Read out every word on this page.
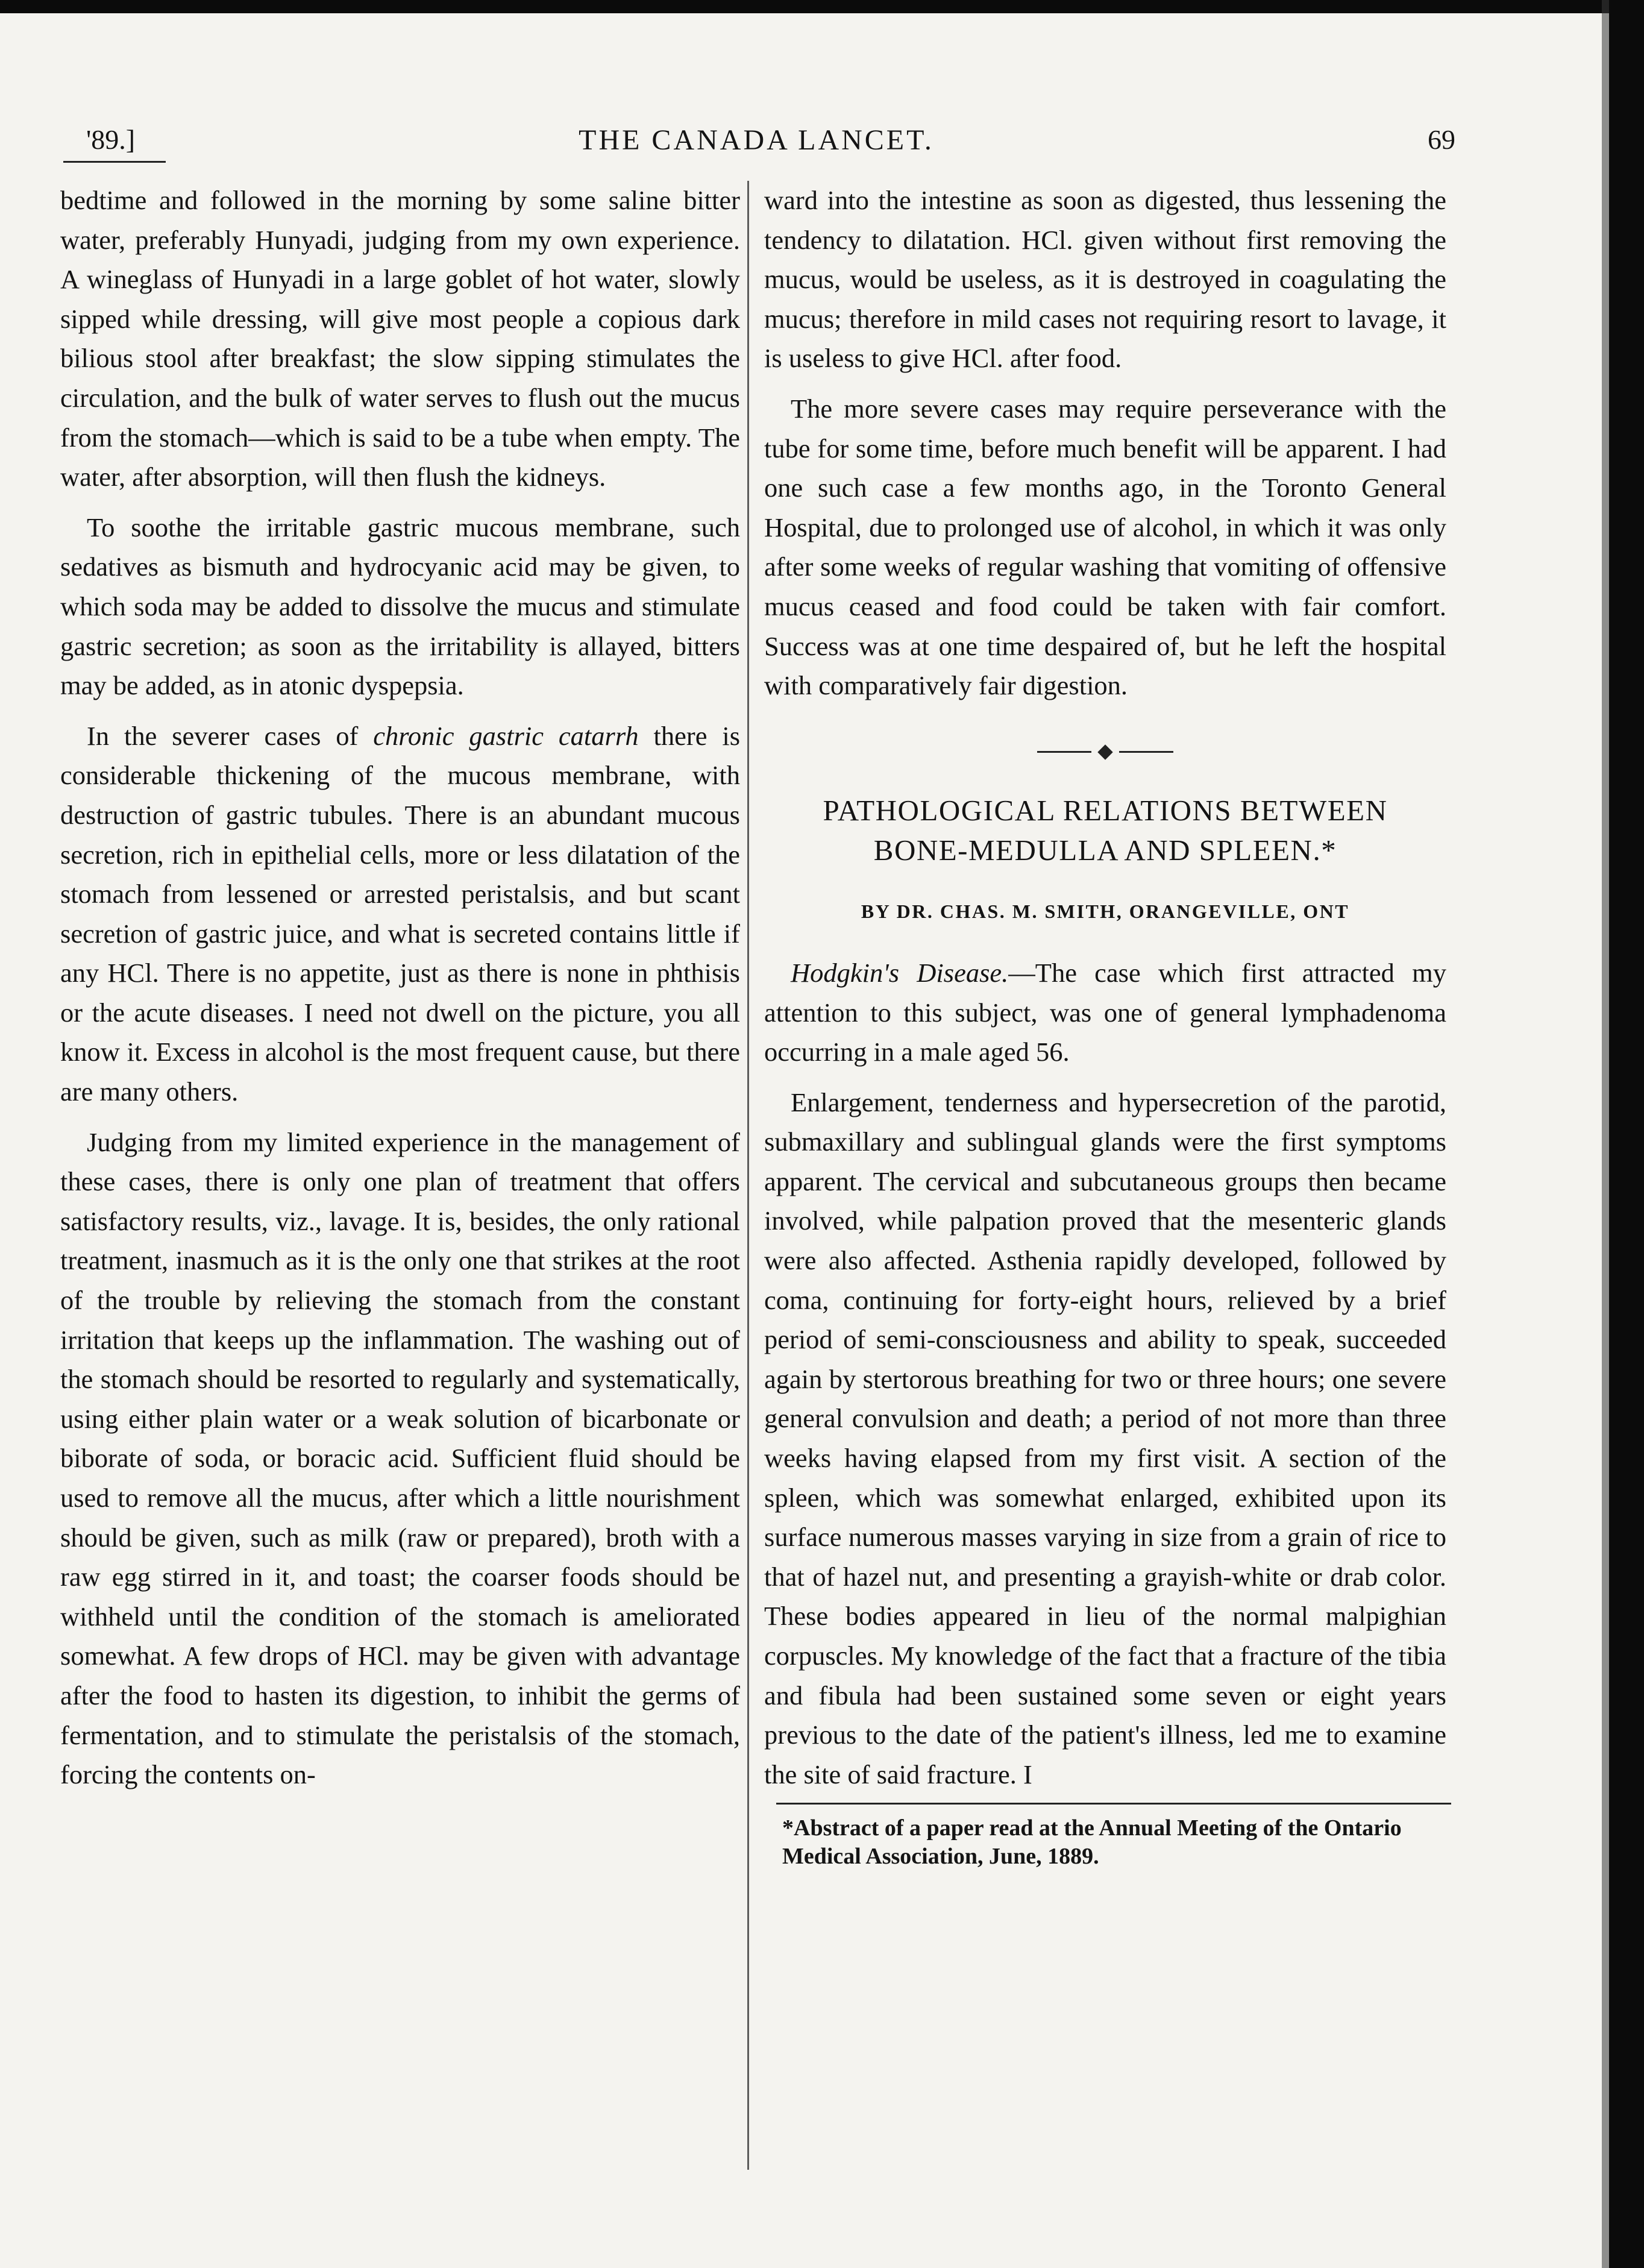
'89.]	THE CANADA LANCET.	69

bedtime and followed in the morning by some saline bitter water, preferably Hunyadi, judging from my own experience. A wineglass of Hunyadi in a large goblet of hot water, slowly sipped while dressing, will give most people a copious dark bilious stool after breakfast; the slow sipping stimulates the circulation, and the bulk of water serves to flush out the mucus from the stomach—which is said to be a tube when empty. The water, after absorption, will then flush the kidneys.

To soothe the irritable gastric mucous membrane, such sedatives as bismuth and hydrocyanic acid may be given, to which soda may be added to dissolve the mucus and stimulate gastric secretion; as soon as the irritability is allayed, bitters may be added, as in atonic dyspepsia.

In the severer cases of chronic gastric catarrh there is considerable thickening of the mucous membrane, with destruction of gastric tubules. There is an abundant mucous secretion, rich in epithelial cells, more or less dilatation of the stomach from lessened or arrested peristalsis, and but scant secretion of gastric juice, and what is secreted contains little if any HCl. There is no appetite, just as there is none in phthisis or the acute diseases. I need not dwell on the picture, you all know it. Excess in alcohol is the most frequent cause, but there are many others.

Judging from my limited experience in the management of these cases, there is only one plan of treatment that offers satisfactory results, viz., lavage. It is, besides, the only rational treatment, inasmuch as it is the only one that strikes at the root of the trouble by relieving the stomach from the constant irritation that keeps up the inflammation. The washing out of the stomach should be resorted to regularly and systematically, using either plain water or a weak solution of bicarbonate or biborate of soda, or boracic acid. Sufficient fluid should be used to remove all the mucus, after which a little nourishment should be given, such as milk (raw or prepared), broth with a raw egg stirred in it, and toast; the coarser foods should be withheld until the condition of the stomach is ameliorated somewhat. A few drops of HCl. may be given with advantage after the food to hasten its digestion, to inhibit the germs of fermentation, and to stimulate the peristalsis of the stomach, forcing the contents on-

ward into the intestine as soon as digested, thus lessening the tendency to dilatation. HCl. given without first removing the mucus, would be useless, as it is destroyed in coagulating the mucus; therefore in mild cases not requiring resort to lavage, it is useless to give HCl. after food.

The more severe cases may require perseverance with the tube for some time, before much benefit will be apparent. I had one such case a few months ago, in the Toronto General Hospital, due to prolonged use of alcohol, in which it was only after some weeks of regular washing that vomiting of offensive mucus ceased and food could be taken with fair comfort. Success was at one time despaired of, but he left the hospital with comparatively fair digestion.

PATHOLOGICAL RELATIONS BETWEEN

BONE-MEDULLA AND SPLEEN.*

BY DR. CHAS. M. SMITH, ORANGEVILLE, ONT

Hodgkin's Disease.—The case which first attracted my attention to this subject, was one of general lymphadenoma occurring in a male aged 56.

Enlargement, tenderness and hypersecretion of the parotid, submaxillary and sublingual glands were the first symptoms apparent. The cervical and subcutaneous groups then became involved, while palpation proved that the mesenteric glands were also affected. Asthenia rapidly developed, followed by coma, continuing for forty-eight hours, relieved by a brief period of semi-consciousness and ability to speak, succeeded again by stertorous breathing for two or three hours; one severe general convulsion and death; a period of not more than three weeks having elapsed from my first visit. A section of the spleen, which was somewhat enlarged, exhibited upon its surface numerous masses varying in size from a grain of rice to that of hazel nut, and presenting a grayish-white or drab color. These bodies appeared in lieu of the normal malpighian corpuscles. My knowledge of the fact that a fracture of the tibia and fibula had been sustained some seven or eight years previous to the date of the patient's illness, led me to examine the site of said fracture. I

*Abstract of a paper read at the Annual Meeting of the Ontario Medical Association, June, 1889.
